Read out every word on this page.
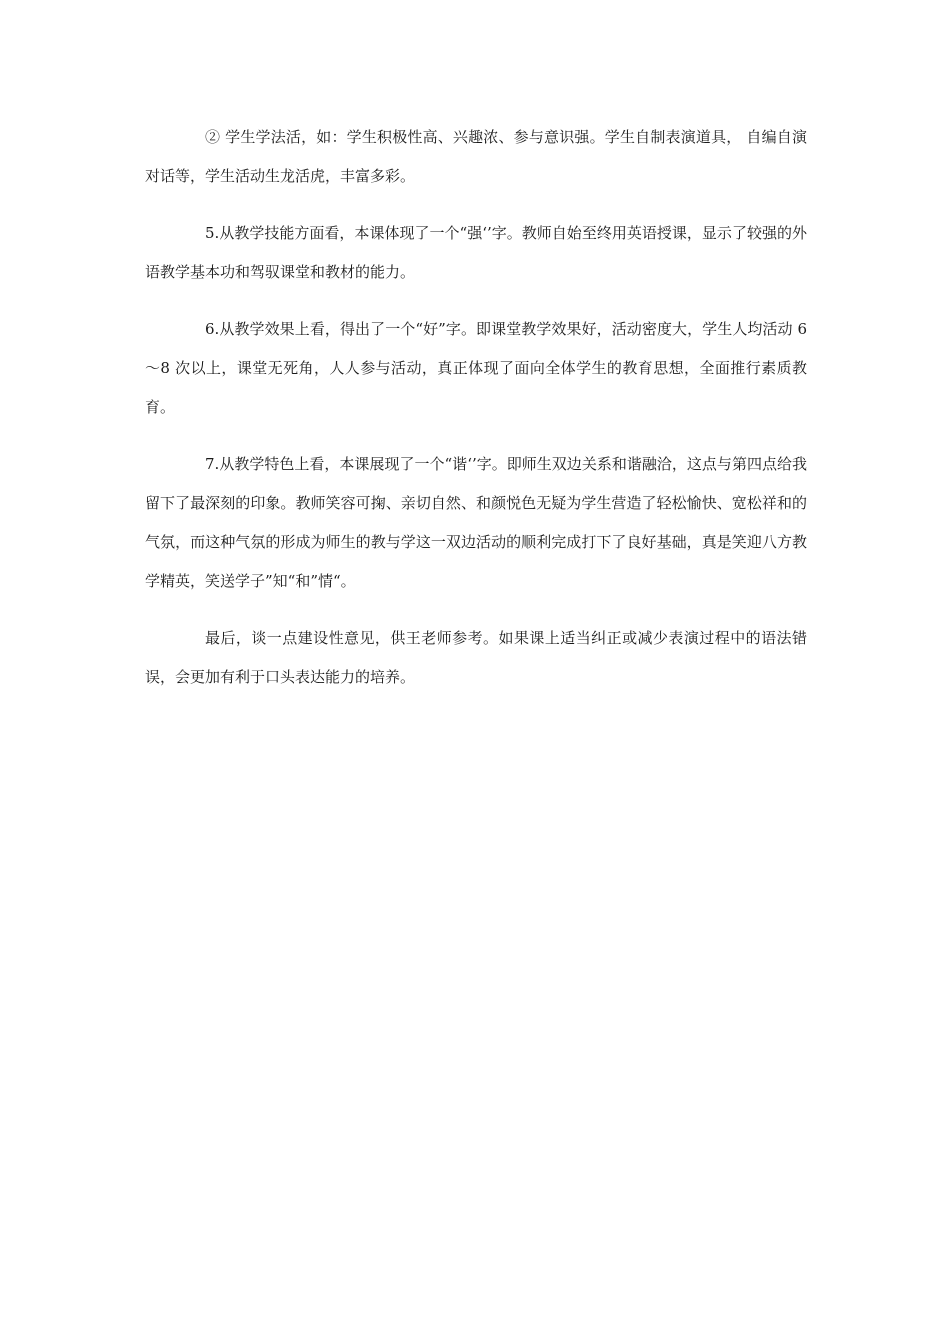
② 学生学法活，如：学生积极性高、兴趣浓、参与意识强。学生自制表演道具， 自编自演对话等，学生活动生龙活虎，丰富多彩。

5.从教学技能方面看，本课体现了一个“强‘’字。教师自始至终用英语授课，显示了较强的外语教学基本功和驾驭课堂和教材的能力。

6.从教学效果上看，得出了一个“好”字。即课堂教学效果好，活动密度大，学生人均活动 6～8 次以上，课堂无死角，人人参与活动，真正体现了面向全体学生的教育思想，全面推行素质教育。

7.从教学特色上看，本课展现了一个“谐‘’字。即师生双边关系和谐融洽，这点与第四点给我留下了最深刻的印象。教师笑容可掬、亲切自然、和颜悦色无疑为学生营造了轻松愉快、宽松祥和的气氛，而这种气氛的形成为师生的教与学这一双边活动的顺利完成打下了良好基础，真是笑迎八方教学精英，笑送学子”知“和”情“。

最后，谈一点建设性意见，供王老师参考。如果课上适当纠正或减少表演过程中的语法错误，会更加有利于口头表达能力的培养。
